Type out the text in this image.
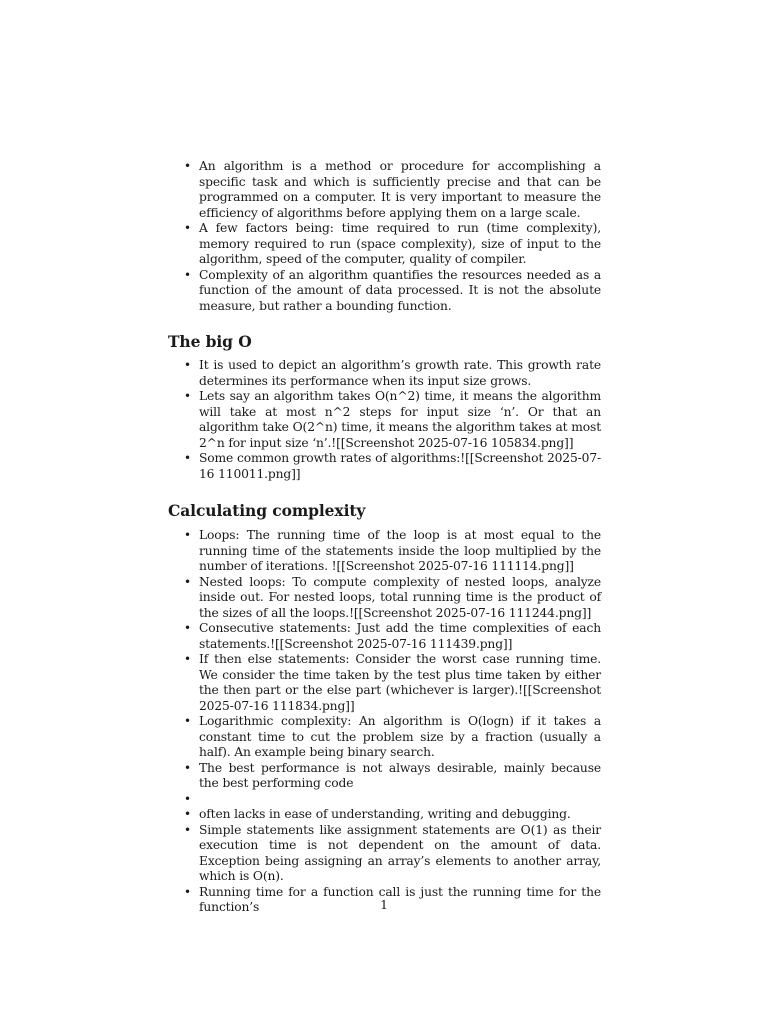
• An algorithm is a method or procedure for accomplishing a specific task and which is sufficiently precise and that can be programmed on a computer. It is very important to measure the efficiency of algorithms before applying them on a large scale.
• A few factors being: time required to run (time complexity), memory required to run (space complexity), size of input to the algorithm, speed of the computer, quality of compiler.
• Complexity of an algorithm quantifies the resources needed as a function of the amount of data processed. It is not the absolute measure, but rather a bounding function.
The big O
• It is used to depict an algorithm’s growth rate. This growth rate determines its performance when its input size grows.
• Lets say an algorithm takes O(n^2) time, it means the algorithm will take at most n^2 steps for input size ‘n’. Or that an algorithm take O(2^n) time, it means the algorithm takes at most 2^n for input size ‘n’.![[Screenshot 2025-07-16 105834.png]]
• Some common growth rates of algorithms:![[Screenshot 2025-07-16 110011.png]]
Calculating complexity
• Loops: The running time of the loop is at most equal to the running time of the statements inside the loop multiplied by the number of iterations. ![[Screenshot 2025-07-16 111114.png]]
• Nested loops: To compute complexity of nested loops, analyze inside out. For nested loops, total running time is the product of the sizes of all the loops.![[Screenshot 2025-07-16 111244.png]]
• Consecutive statements: Just add the time complexities of each statements.![[Screenshot 2025-07-16 111439.png]]
• If then else statements: Consider the worst case running time. We consider the time taken by the test plus time taken by either the then part or the else part (whichever is larger).![[Screenshot 2025-07-16 111834.png]]
• Logarithmic complexity: An algorithm is O(logn) if it takes a constant time to cut the problem size by a fraction (usually a half). An example being binary search.
• The best performance is not always desirable, mainly because the best performing code
•
• often lacks in ease of understanding, writing and debugging.
• Simple statements like assignment statements are O(1) as their execution time is not dependent on the amount of data. Exception being assigning an array’s elements to another array, which is O(n).
• Running time for a function call is just the running time for the function’s	1
